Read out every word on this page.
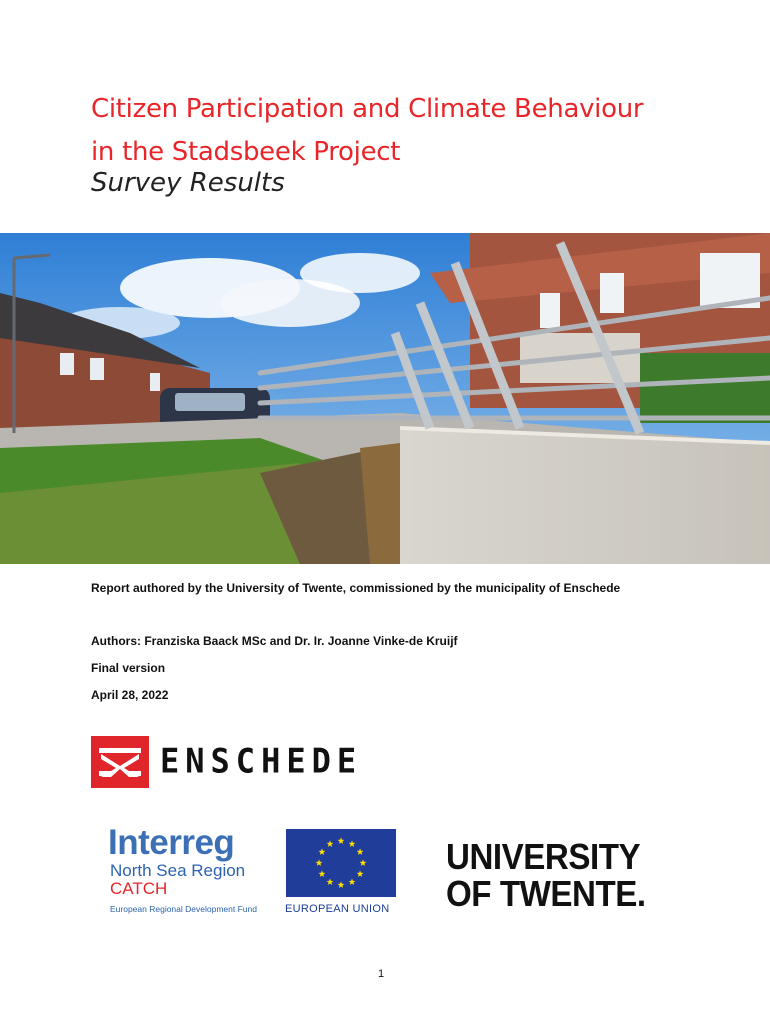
Citizen Participation and Climate Behaviour
in the Stadsbeek Project
Survey Results
Report authored by the University of Twente, commissioned by the municipality of Enschede
Authors: Franziska Baack MSc and Dr. Ir. Joanne Vinke-de Kruijf
Final version
April 28, 2022
ENSCHEDE
Interreg
North Sea Region
CATCH
European Regional Development Fund	EUROPEAN UNION
UNIVERSITY
OF TWENTE.
1
